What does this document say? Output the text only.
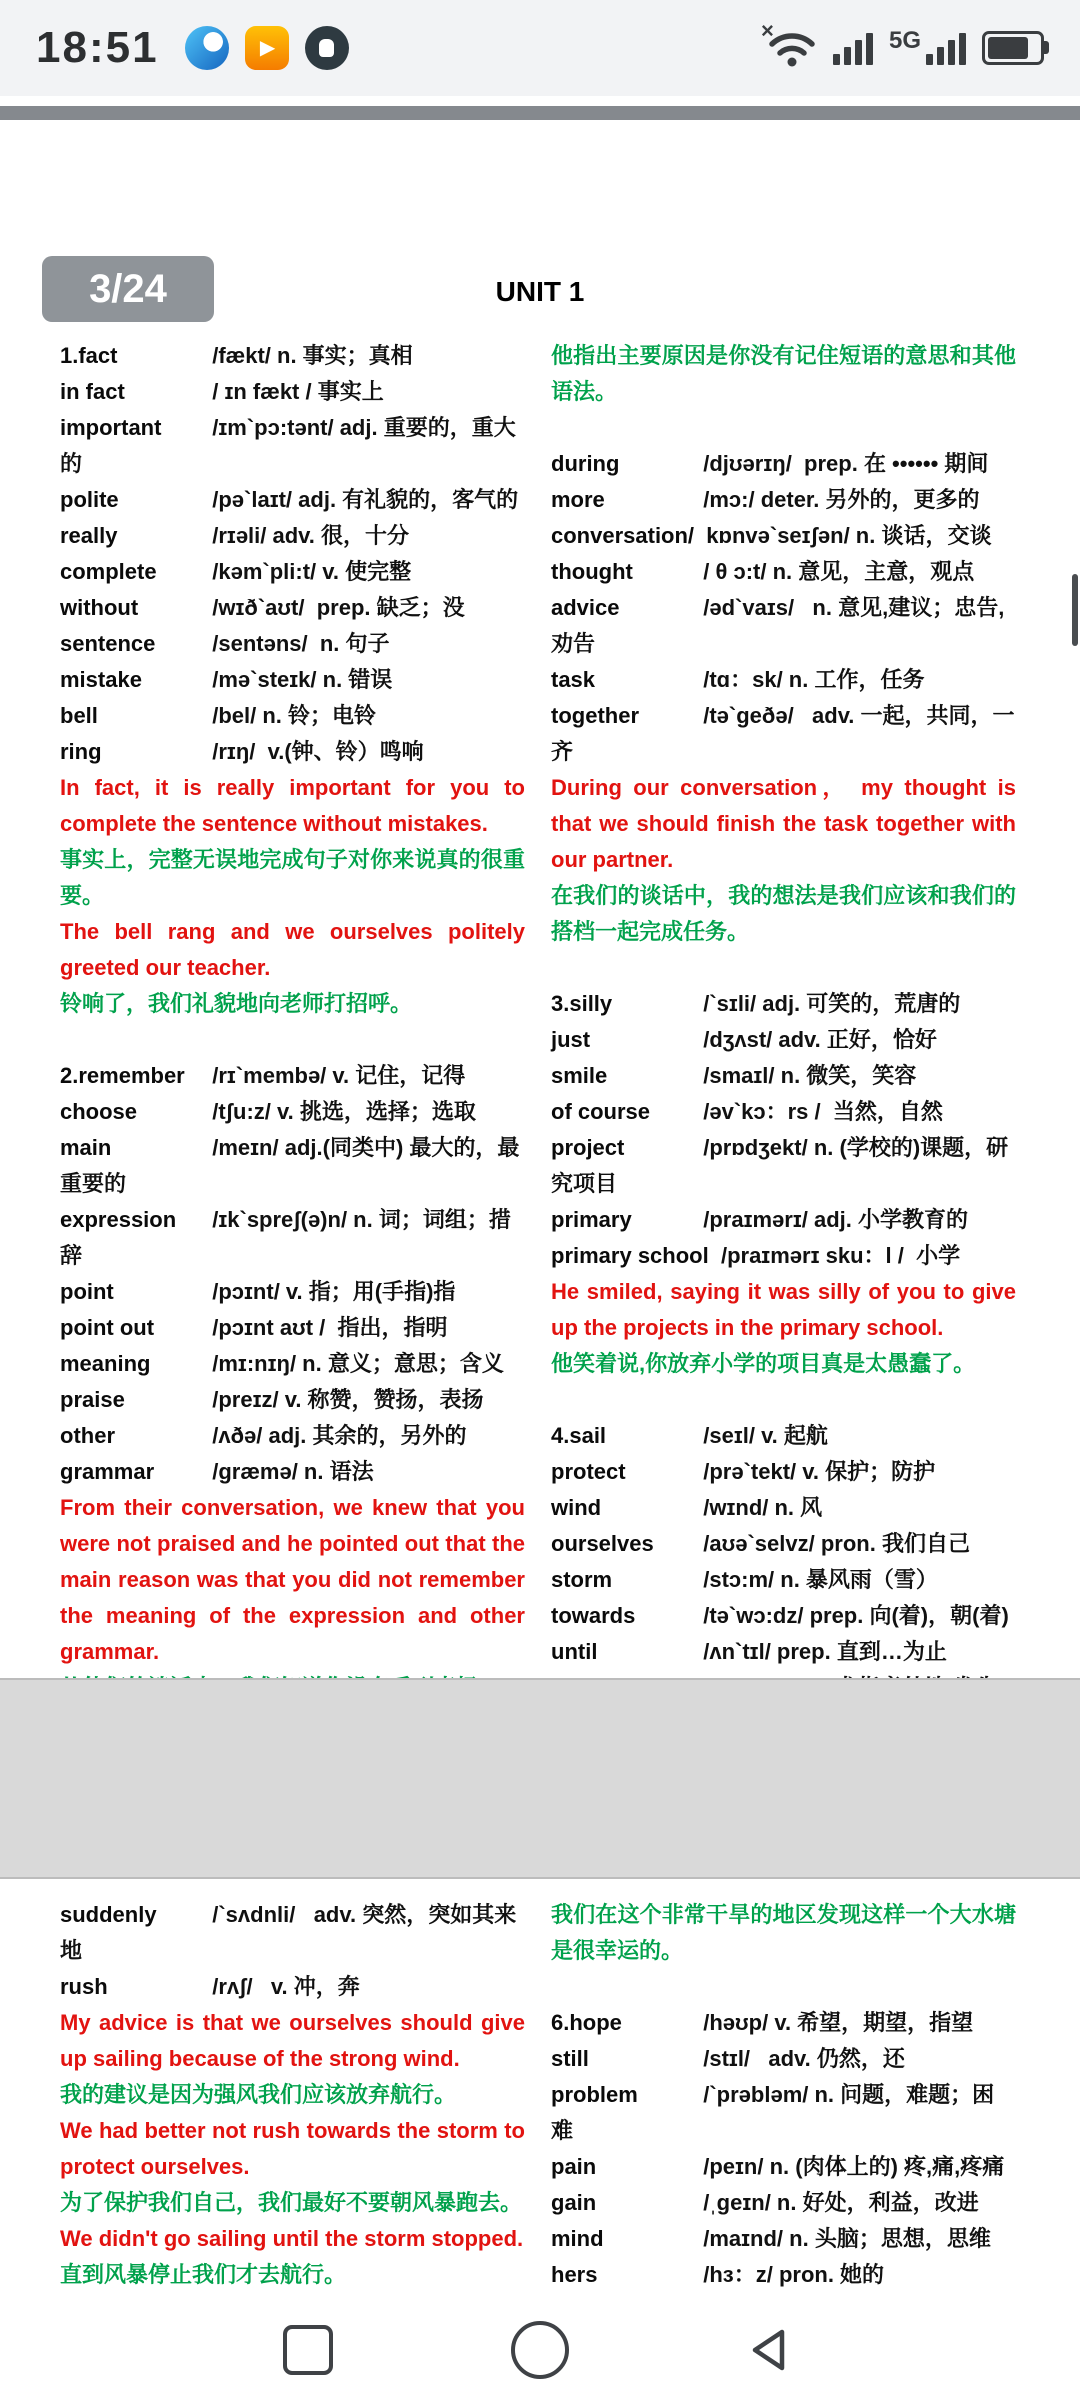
18:51	▶
×	5G
3/24	UNIT 1
1.fact	/fækt/ n. 事实；真相
in fact	/ ɪn fækt / 事实上
important /ɪm`pɔ:tənt/ adj. 重要的，重大的
polite	/pə`laɪt/ adj. 有礼貌的，客气的
really	/rɪəli/ adv. 很，十分
complete	/kəm`pli:t/ v. 使完整
without	/wɪð`aʊt/  prep. 缺乏；没
sentence	/sentəns/  n. 句子
mistake	/mə`steɪk/ n. 错误
bell	/bel/ n. 铃；电铃
ring	/rɪŋ/  v.(钟、铃）鸣响
In fact, it is really important for you to complete the sentence without mistakes.
事实上，完整无误地完成句子对你来说真的很重要。
The bell rang and we ourselves politely greeted our teacher.
铃响了，我们礼貌地向老师打招呼。
2.remember /rɪ`membə/ v. 记住，记得
choose	/tʃu:z/ v. 挑选，选择；选取
main	/meɪn/ adj.(同类中) 最大的，最重要的
expression /ɪk`spreʃ(ə)n/ n. 词；词组；措辞
point	/pɔɪnt/ v. 指；用(手指)指
point out	/pɔɪnt aʊt /  指出，指明
meaning	/mɪ:nɪŋ/ n. 意义；意思；含义
praise	/preɪz/ v. 称赞，赞扬，表扬
other	/ʌðə/ adj. 其余的，另外的
grammar	/græmə/ n. 语法
From their conversation, we knew that you were not praised and he pointed out that the main reason was that you did not remember the meaning of the expression and other grammar.
他指出主要原因是你没有记住短语的意思和其他语法。
during	/djʊərɪŋ/  prep. 在 •••••• 期间
more	/mɔ:/ deter. 另外的，更多的
conversation/ kɒnvə`seɪʃən/ n. 谈话，交谈
thought	/ θ ɔ:t/ n. 意见，主意，观点
advice	/əd`vaɪs/   n. 意见,建议；忠告,劝告
task	/tɑ：sk/ n. 工作，任务
together	/tə`geðə/   adv. 一起，共同，一齐
During our conversation， my thought is that we should finish the task together with our partner.
在我们的谈话中，我的想法是我们应该和我们的搭档一起完成任务。
3.silly	/`sɪli/ adj. 可笑的，荒唐的
just	/dʒʌst/ adv. 正好，恰好
smile	/smaɪl/ n. 微笑，笑容
of course /əv`kɔ：rs /  当然，自然
project	/prɒdʒekt/ n. (学校的)课题，研究项目
primary	/praɪmərɪ/ adj. 小学教育的
primary school /praɪmərɪ sku：l /  小学
He smiled, saying it was silly of you to give up the projects in the primary school.
他笑着说,你放弃小学的项目真是太愚蠢了。
4.sail	/seɪl/ v. 起航
protect	/prə`tekt/ v. 保护；防护
wind	/wɪnd/ n. 风
ourselves /aʊə`selvz/ pron. 我们自己
storm	/stɔ:m/ n. 暴风雨（雪）
towards	/tə`wɔ:dz/ prep. 向(着)，朝(着)
until	/ʌn`tɪl/ prep. 直到…为止

suddenly	/`sʌdnli/   adv. 突然，突如其来地
rush	/rʌʃ/   v. 冲，奔
My advice is that we ourselves should give up sailing because of the strong wind.
我的建议是因为强风我们应该放弃航行。
We had better not rush towards the storm to protect ourselves.
为了保护我们自己，我们最好不要朝风暴跑去。
We didn't go sailing until the storm stopped.
直到风暴停止我们才去航行。
我们在这个非常干旱的地区发现这样一个大水塘是很幸运的。
6.hope	/həʊp/ v. 希望，期望，指望
still	/stɪl/   adv. 仍然，还
problem	/`prəbləm/ n. 问题，难题；困难
pain	/peɪn/ n. (肉体上的) 疼,痛,疼痛
gain	/ˌgeɪn/ n. 好处，利益，改进
mind	/maɪnd/ n. 头脑；思想，思维
hers	/hɜ：z/ pron. 她的
